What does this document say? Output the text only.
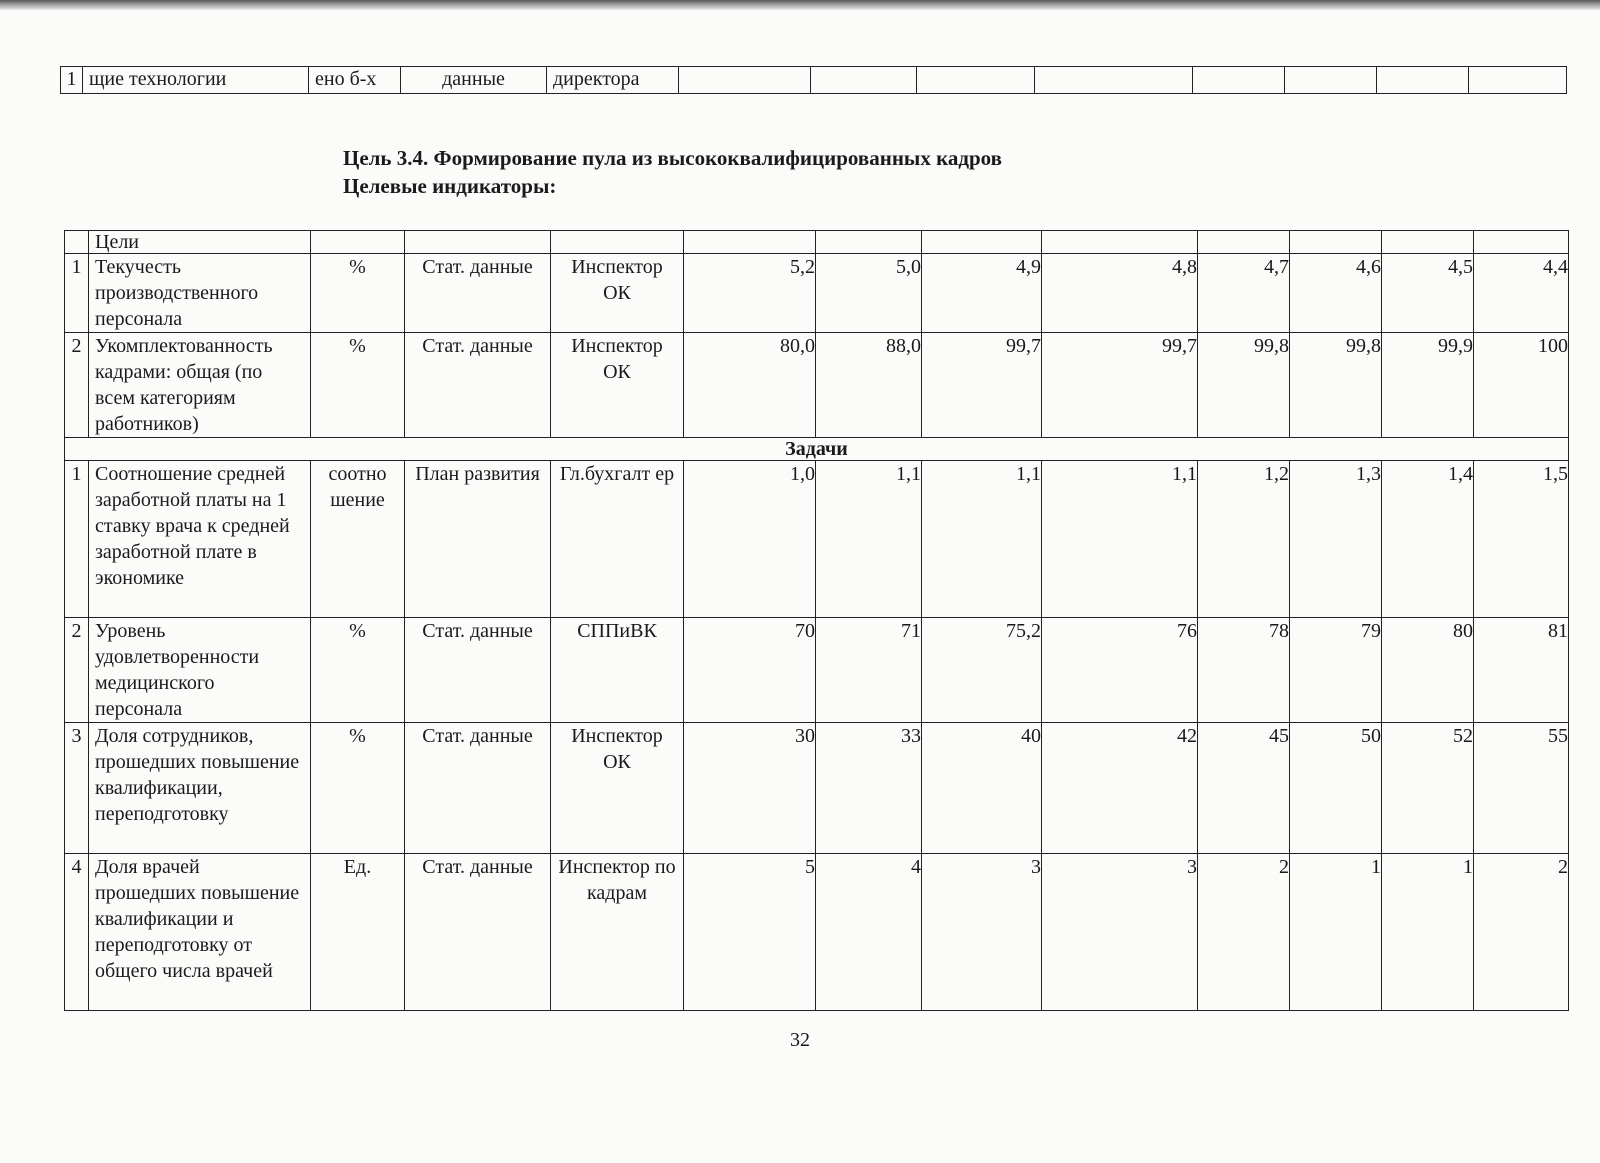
1	щие технологии	ено б-х	данные	директора								
Цель 3.4. Формирование пула из высококвалифицированных кадров
Целевые индикаторы:
	Цели											
1	Текучесть производственного персонала	%	Стат. данные	Инспектор ОК	5,2	5,0	4,9	4,8	4,7	4,6	4,5	4,4
2	Укомплектованность кадрами: общая (по всем категориям работников)	%	Стат. данные	Инспектор ОК	80,0	88,0	99,7	99,7	99,8	99,8	99,9	100
Задачи												
1	Соотношение средней заработной платы на 1 ставку врача к средней заработной плате в экономике	соотно шение	План развития	Гл.бухгалт ер	1,0	1,1	1,1	1,1	1,2	1,3	1,4	1,5
2	Уровень удовлетворенности медицинского персонала	%	Стат. данные	СППиВК	70	71	75,2	76	78	79	80	81
3	Доля сотрудников, прошедших повышение квалификации, переподготовку	%	Стат. данные	Инспектор ОК	30	33	40	42	45	50	52	55
4	Доля врачей прошедших повышение квалификации и переподготовку от общего числа врачей	Ед.	Стат. данные	Инспектор по кадрам	5	4	3	3	2	1	1	2
32
